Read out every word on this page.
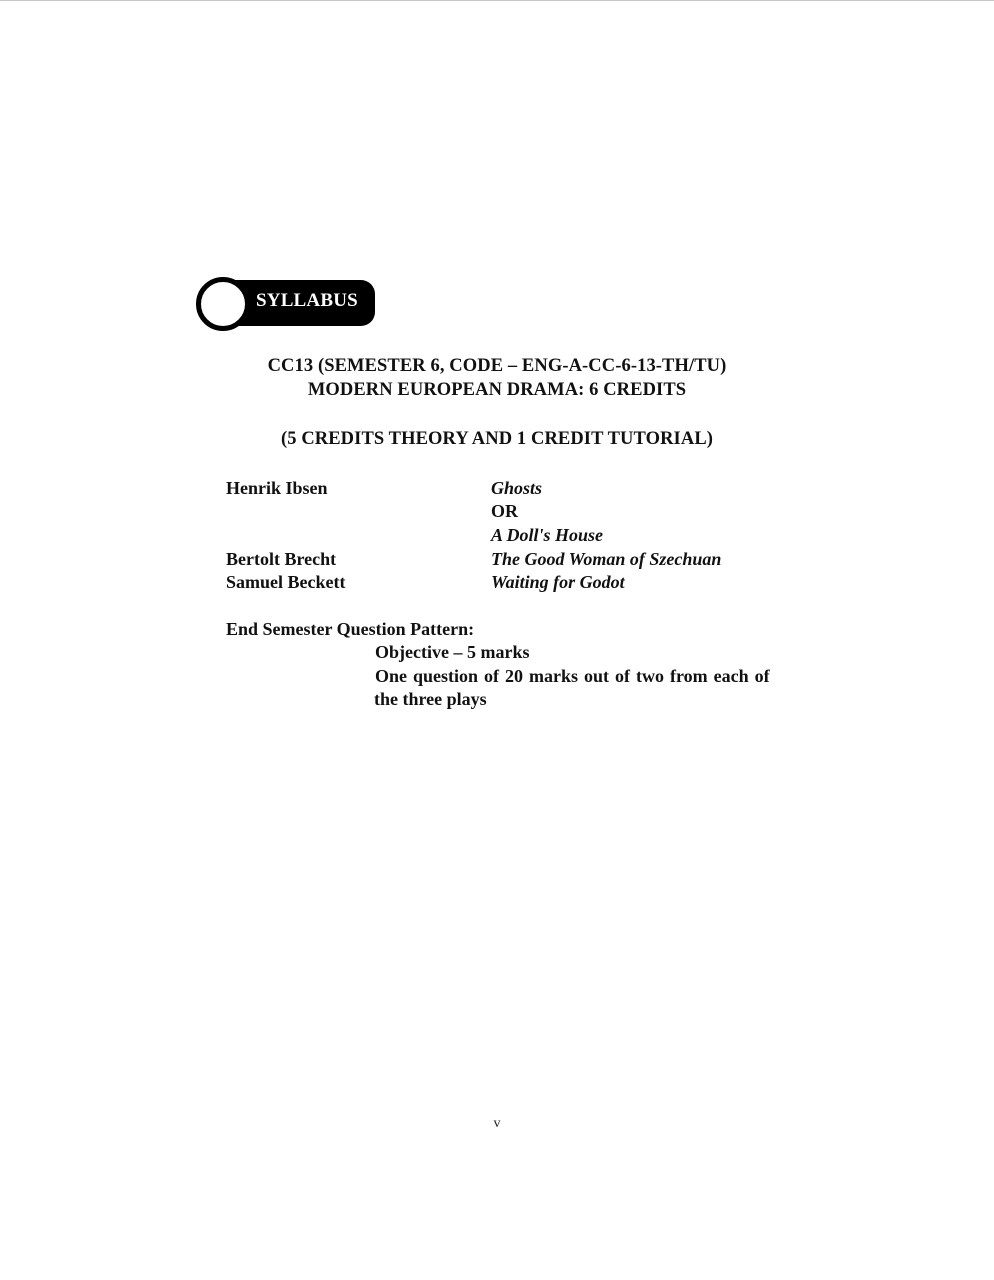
SYLLABUS
CC13 (SEMESTER 6, CODE – ENG-A-CC-6-13-TH/TU)
MODERN EUROPEAN DRAMA: 6 CREDITS
(5 CREDITS THEORY AND 1 CREDIT TUTORIAL)
Henrik Ibsen	Ghosts
OR
A Doll's House
Bertolt Brecht	The Good Woman of Szechuan
Samuel Beckett	Waiting for Godot
End Semester Question Pattern:
Objective – 5 marks
One question of 20 marks out of two from each of
the three plays
v
